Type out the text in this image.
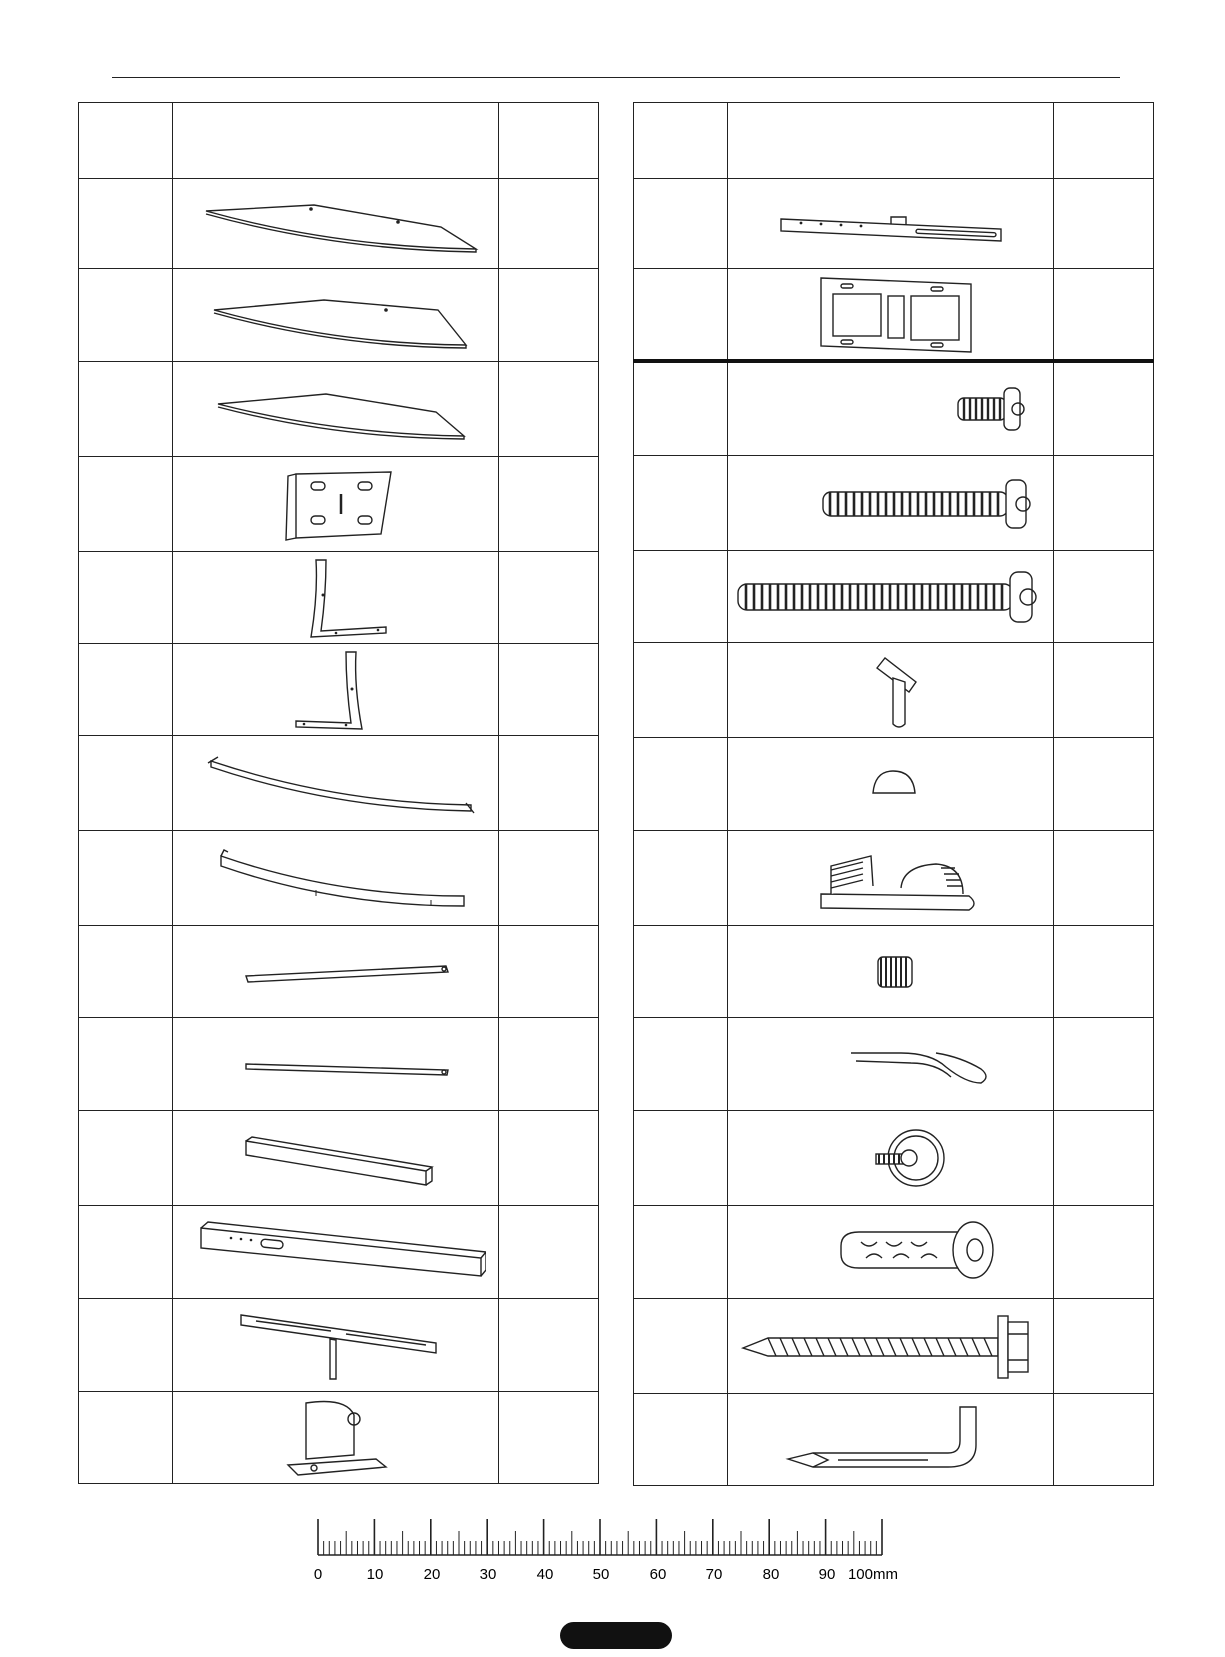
0	10	20	30	40	50	60	70	80	90 100mm
